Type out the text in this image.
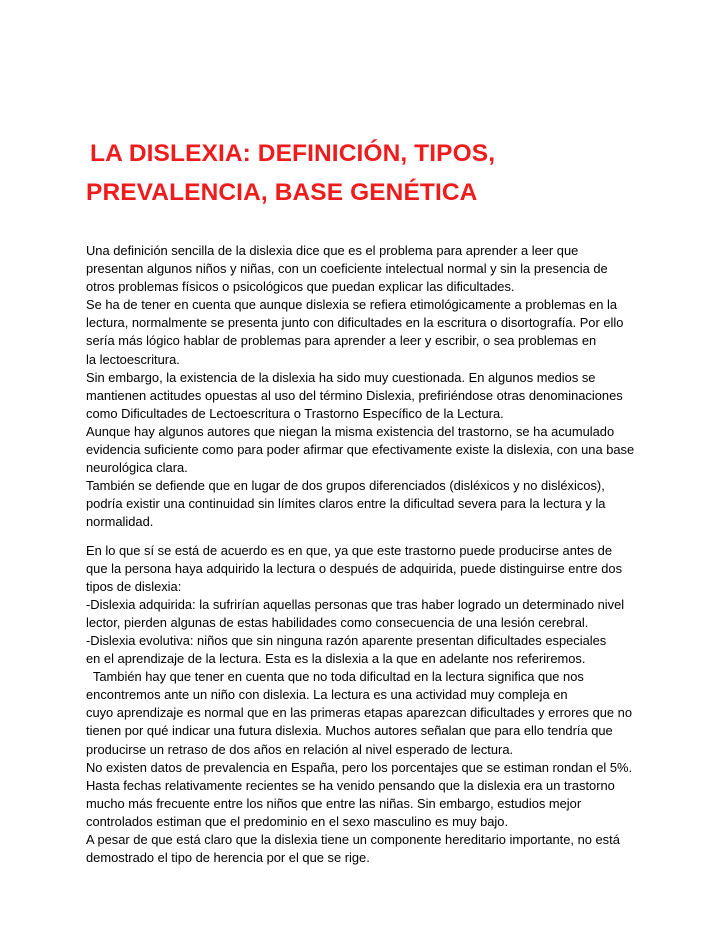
LA DISLEXIA: DEFINICIÓN, TIPOS,
PREVALENCIA, BASE GENÉTICA
Una definición sencilla de la dislexia dice que es el problema para aprender a leer que
presentan algunos niños y niñas, con un coeficiente intelectual normal y sin la presencia de
otros problemas físicos o psicológicos que puedan explicar las dificultades.
Se ha de tener en cuenta que aunque dislexia se refiera etimológicamente a problemas en la
lectura, normalmente se presenta junto con dificultades en la escritura o disortografía. Por ello
sería más lógico hablar de problemas para aprender a leer y escribir, o sea problemas en
la lectoescritura.
Sin embargo, la existencia de la dislexia ha sido muy cuestionada. En algunos medios se
mantienen actitudes opuestas al uso del término Dislexia, prefiriéndose otras denominaciones
como Dificultades de Lectoescritura o Trastorno Específico de la Lectura.
Aunque hay algunos autores que niegan la misma existencia del trastorno, se ha acumulado
evidencia suficiente como para poder afirmar que efectivamente existe la dislexia, con una base
neurológica clara.
También se defiende que en lugar de dos grupos diferenciados (disléxicos y no disléxicos),
podría existir una continuidad sin límites claros entre la dificultad severa para la lectura y la
normalidad.
En lo que sí se está de acuerdo es en que, ya que este trastorno puede producirse antes de
que la persona haya adquirido la lectura o después de adquirida, puede distinguirse entre dos
tipos de dislexia:
-Dislexia adquirida: la sufrirían aquellas personas que tras haber logrado un determinado nivel
lector, pierden algunas de estas habilidades como consecuencia de una lesión cerebral.
-Dislexia evolutiva: niños que sin ninguna razón aparente presentan dificultades especiales
en el aprendizaje de la lectura. Esta es la dislexia a la que en adelante nos referiremos.
También hay que tener en cuenta que no toda dificultad en la lectura significa que nos
encontremos ante un niño con dislexia. La lectura es una actividad muy compleja en
cuyo aprendizaje es normal que en las primeras etapas aparezcan dificultades y errores que no
tienen por qué indicar una futura dislexia. Muchos autores señalan que para ello tendría que
producirse un retraso de dos años en relación al nivel esperado de lectura.
No existen datos de prevalencia en España, pero los porcentajes que se estiman rondan el 5%.
Hasta fechas relativamente recientes se ha venido pensando que la dislexia era un trastorno
mucho más frecuente entre los niños que entre las niñas. Sin embargo, estudios mejor
controlados estiman que el predominio en el sexo masculino es muy bajo.
A pesar de que está claro que la dislexia tiene un componente hereditario importante, no está
demostrado el tipo de herencia por el que se rige.
